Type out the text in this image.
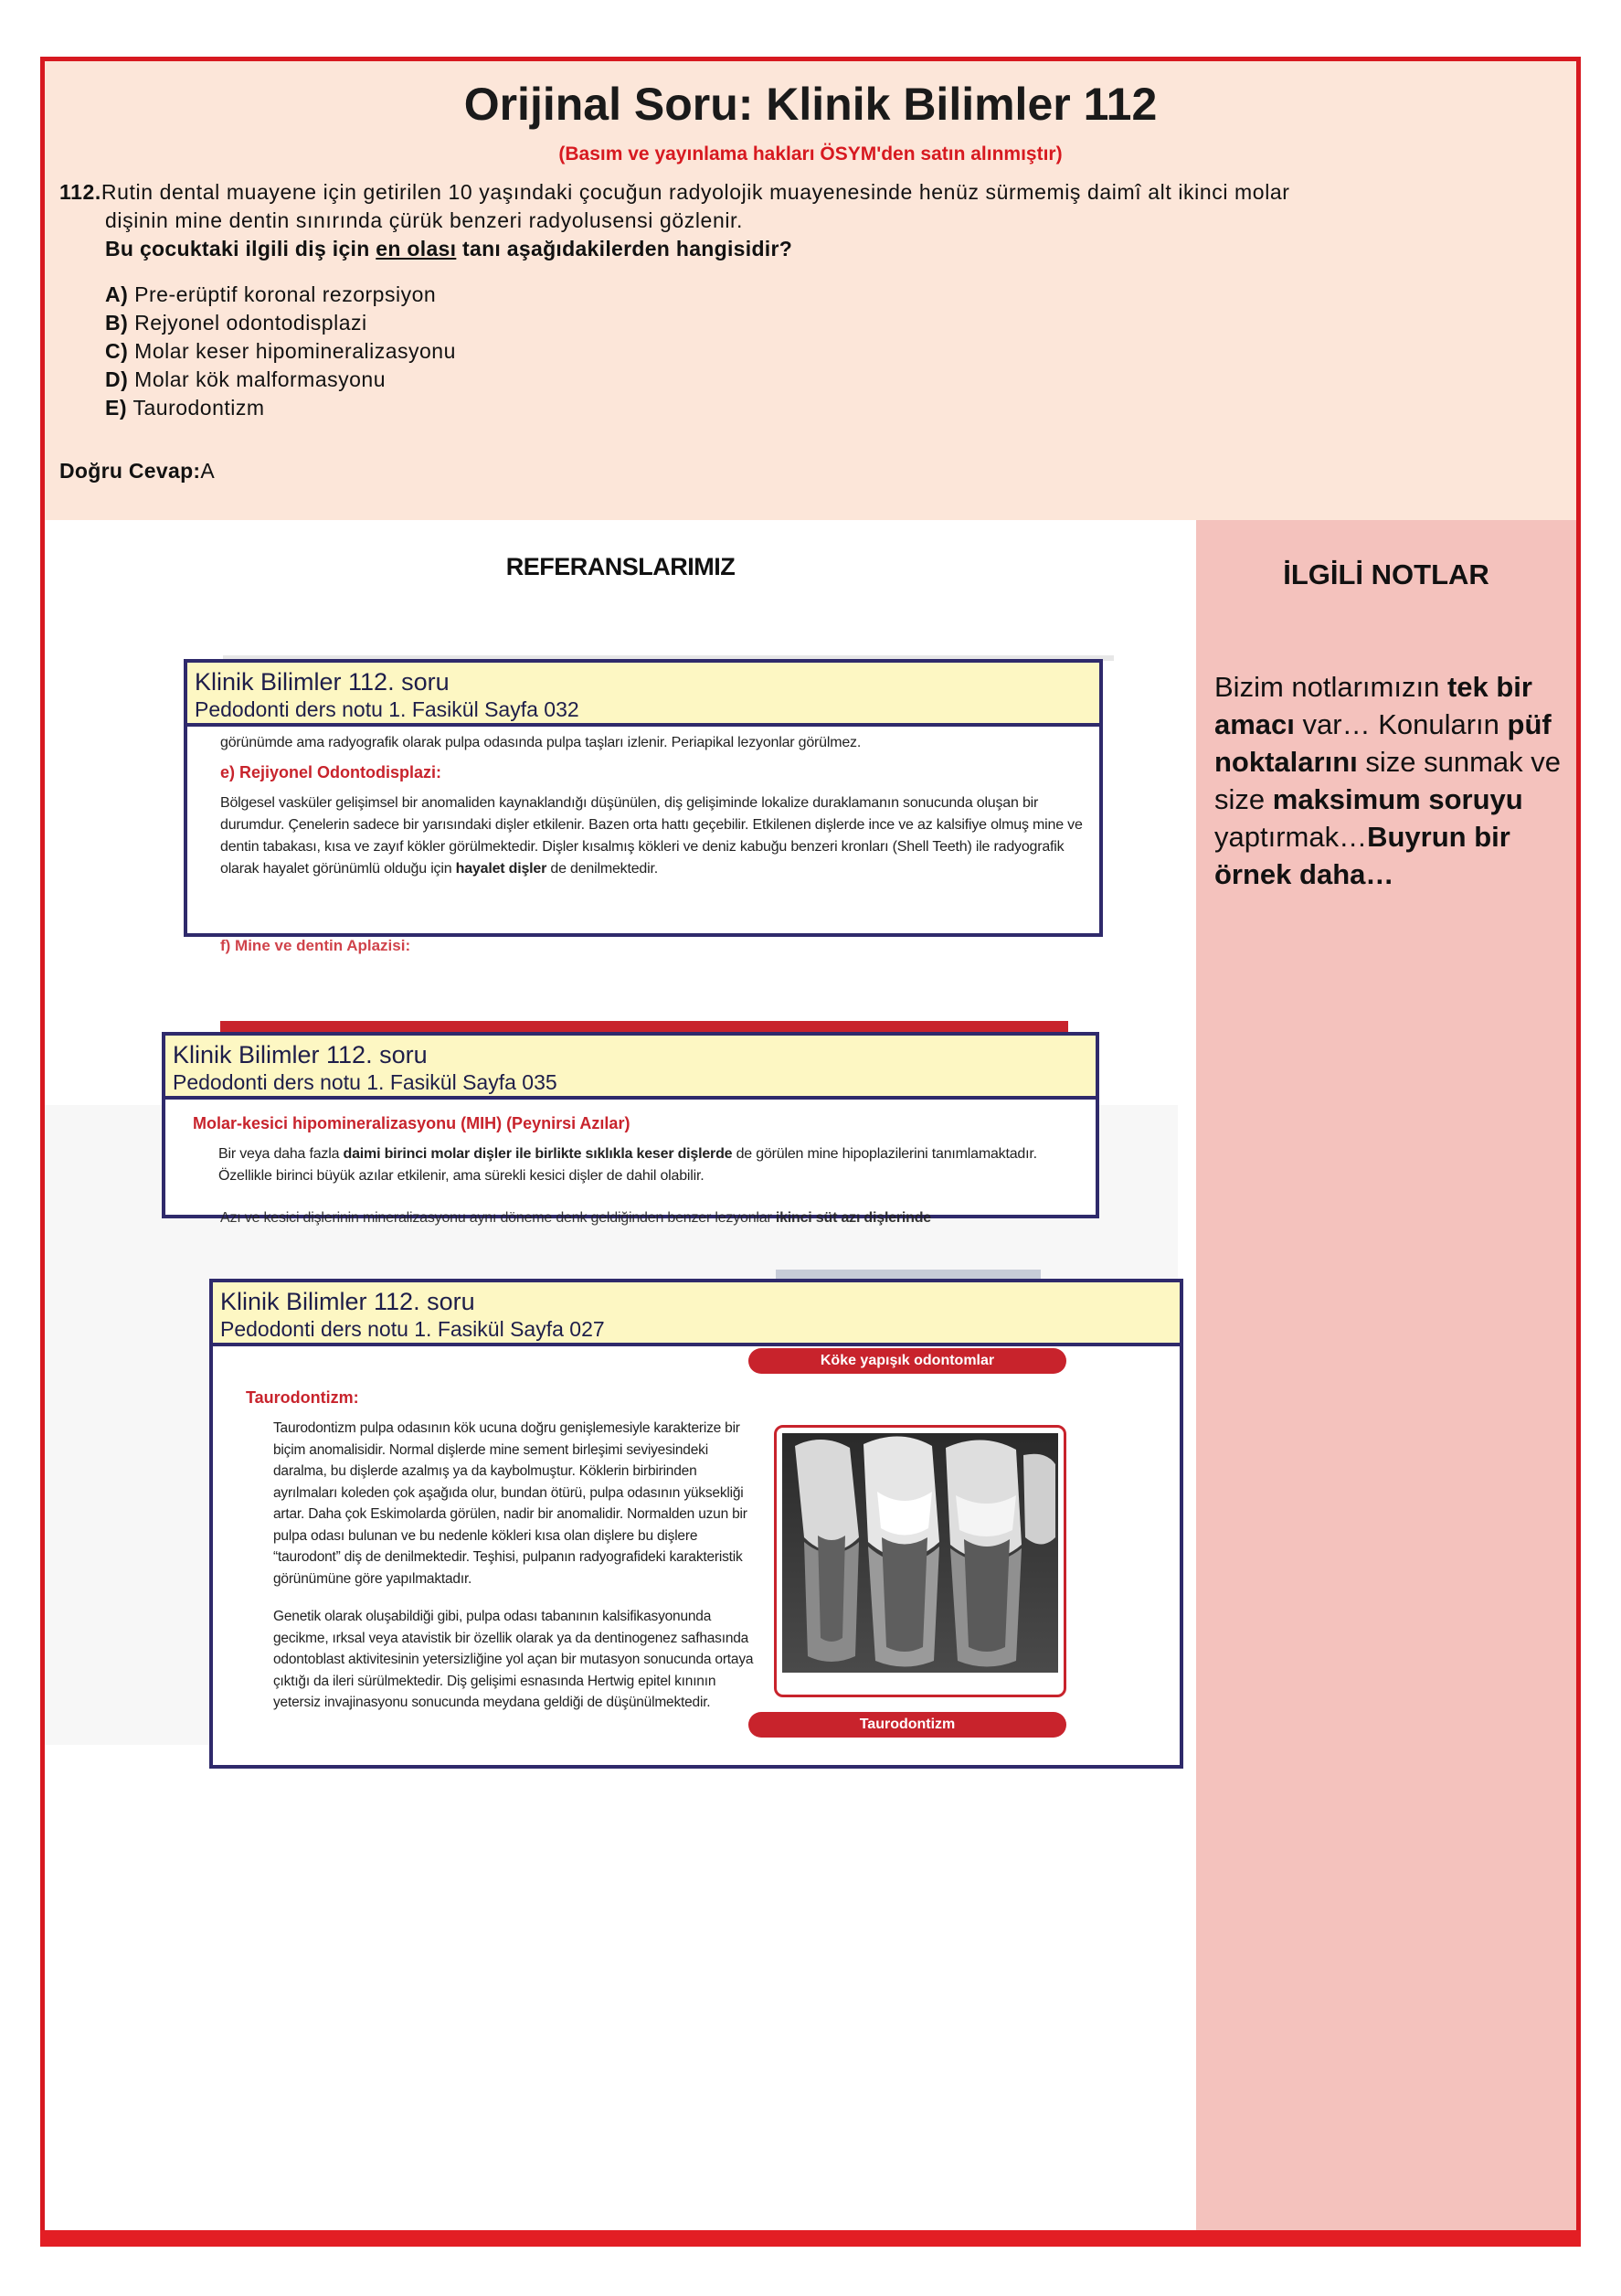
Orijinal Soru: Klinik Bilimler 112
(Basım ve yayınlama hakları ÖSYM'den satın alınmıştır)
112.Rutin dental muayene için getirilen 10 yaşındaki çocuğun radyolojik muayenesinde henüz sürmemiş daimî alt ikinci molar
dişinin mine dentin sınırında çürük benzeri radyolusensi gözlenir.
Bu çocuktaki ilgili diş için en olası tanı aşağıdakilerden hangisidir?
A) Pre-erüptif koronal rezorpsiyon
B) Rejyonel odontodisplazi
C) Molar keser hipomineralizasyonu
D) Molar kök malformasyonu
E) Taurodontizm
Doğru Cevap:A
REFERANSLARIMIZ
Klinik Bilimler 112. soru
Pedodonti ders notu 1. Fasikül Sayfa 032
görünümde ama radyografik olarak pulpa odasında pulpa taşları izlenir. Periapikal lezyonlar görülmez.
e) Rejiyonel Odontodisplazi:
Bölgesel vasküler gelişimsel bir anomaliden kaynaklandığı düşünülen, diş gelişiminde lokalize duraklamanın sonucunda oluşan bir durumdur. Çenelerin sadece bir yarısındaki dişler etkilenir. Bazen orta hattı geçebilir. Etkilenen dişlerde ince ve az kalsifiye olmuş mine ve dentin tabakası, kısa ve zayıf kökler görülmektedir. Dişler kısalmış kökleri ve deniz kabuğu benzeri kronları (Shell Teeth) ile radyografik olarak hayalet görünümlü olduğu için hayalet dişler de denilmektedir.
f) Mine ve dentin Aplazisi:
Klinik Bilimler 112. soru
Pedodonti ders notu 1. Fasikül Sayfa 035
Molar-kesici hipomineralizasyonu (MIH) (Peynirsi Azılar)
Bir veya daha fazla daimi birinci molar dişler ile birlikte sıklıkla keser dişlerde de görülen mine hipoplazilerini tanımlamaktadır. Özellikle birinci büyük azılar etkilenir, ama sürekli kesici dişler de dahil olabilir.
Azı ve kesici dişlerinin mineralizasyonu aynı döneme denk geldiğinden benzer lezyonlar ikinci süt azı dişlerinde
Klinik Bilimler 112. soru
Pedodonti ders notu 1. Fasikül Sayfa 027
Köke yapışık odontomlar
Taurodontizm:
Taurodontizm pulpa odasının kök ucuna doğru genişlemesiyle karakterize bir biçim anomalisidir. Normal dişlerde mine sement birleşimi seviyesindeki daralma, bu dişlerde azalmış ya da kaybolmuştur. Köklerin birbirinden ayrılmaları koleden çok aşağıda olur, bundan ötürü, pulpa odasının yüksekliği artar. Daha çok Eskimolarda görülen, nadir bir anomalidir. Normalden uzun bir pulpa odası bulunan ve bu nedenle kökleri kısa olan dişlere bu dişlere “taurodont” diş de denilmektedir. Teşhisi, pulpanın radyografideki karakteristik görünümüne göre yapılmaktadır.
Genetik olarak oluşabildiği gibi, pulpa odası tabanının kalsifikasyonunda gecikme, ırksal veya atavistik bir özellik olarak ya da dentinogenez safhasında odontoblast aktivitesinin yetersizliğine yol açan bir mutasyon sonucunda ortaya çıktığı da ileri sürülmektedir. Diş gelişimi esnasında Hertwig epitel kınının yetersiz invajinasyonu sonucunda meydana geldiği de düşünülmektedir.
Taurodontizm
İLGİLİ NOTLAR
Bizim notlarımızın tek bir amacı var… Konuların püf noktalarını size sunmak ve size maksimum soruyu yaptırmak…Buyrun bir örnek daha…
